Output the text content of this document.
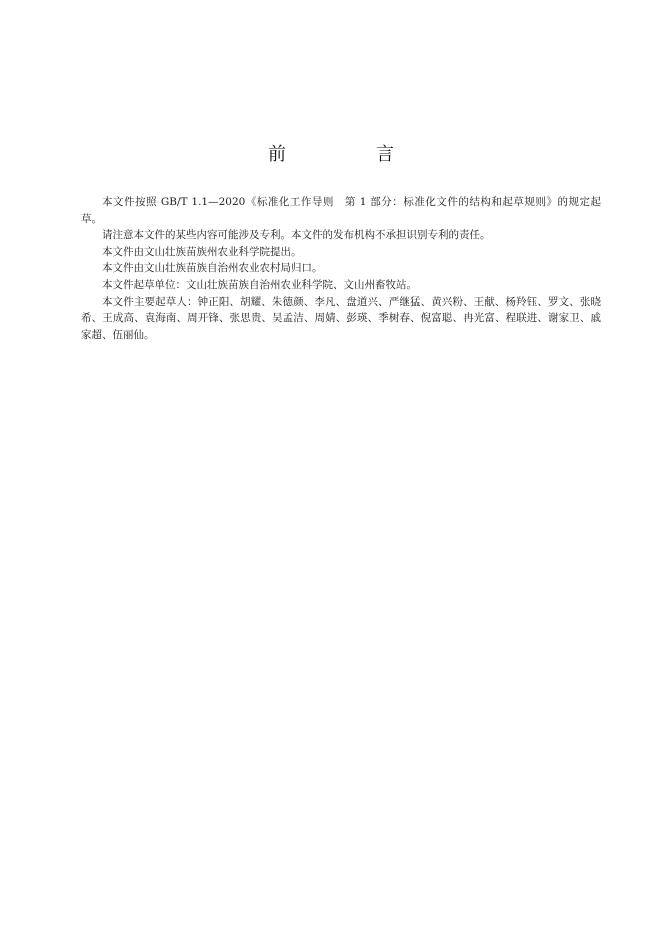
前　言

本文件按照 GB/T 1.1—2020《标准化工作导则　第 1 部分：标准化文件的结构和起草规则》的规定起草。

请注意本文件的某些内容可能涉及专利。本文件的发布机构不承担识别专利的责任。

本文件由文山壮族苗族州农业科学院提出。

本文件由文山壮族苗族自治州农业农村局归口。

本文件起草单位：文山壮族苗族自治州农业科学院、文山州畜牧站。

本文件主要起草人：钟正阳、胡耀、朱德颜、李凡、盘道兴、严继猛、黄兴粉、王献、杨羚钰、罗文、张晓希、王成高、袁海南、周开锋、张思贵、吴孟洁、周婧、彭瑛、季树春、倪富聪、冉光富、程联进、谢家卫、戚家超、伍丽仙。
